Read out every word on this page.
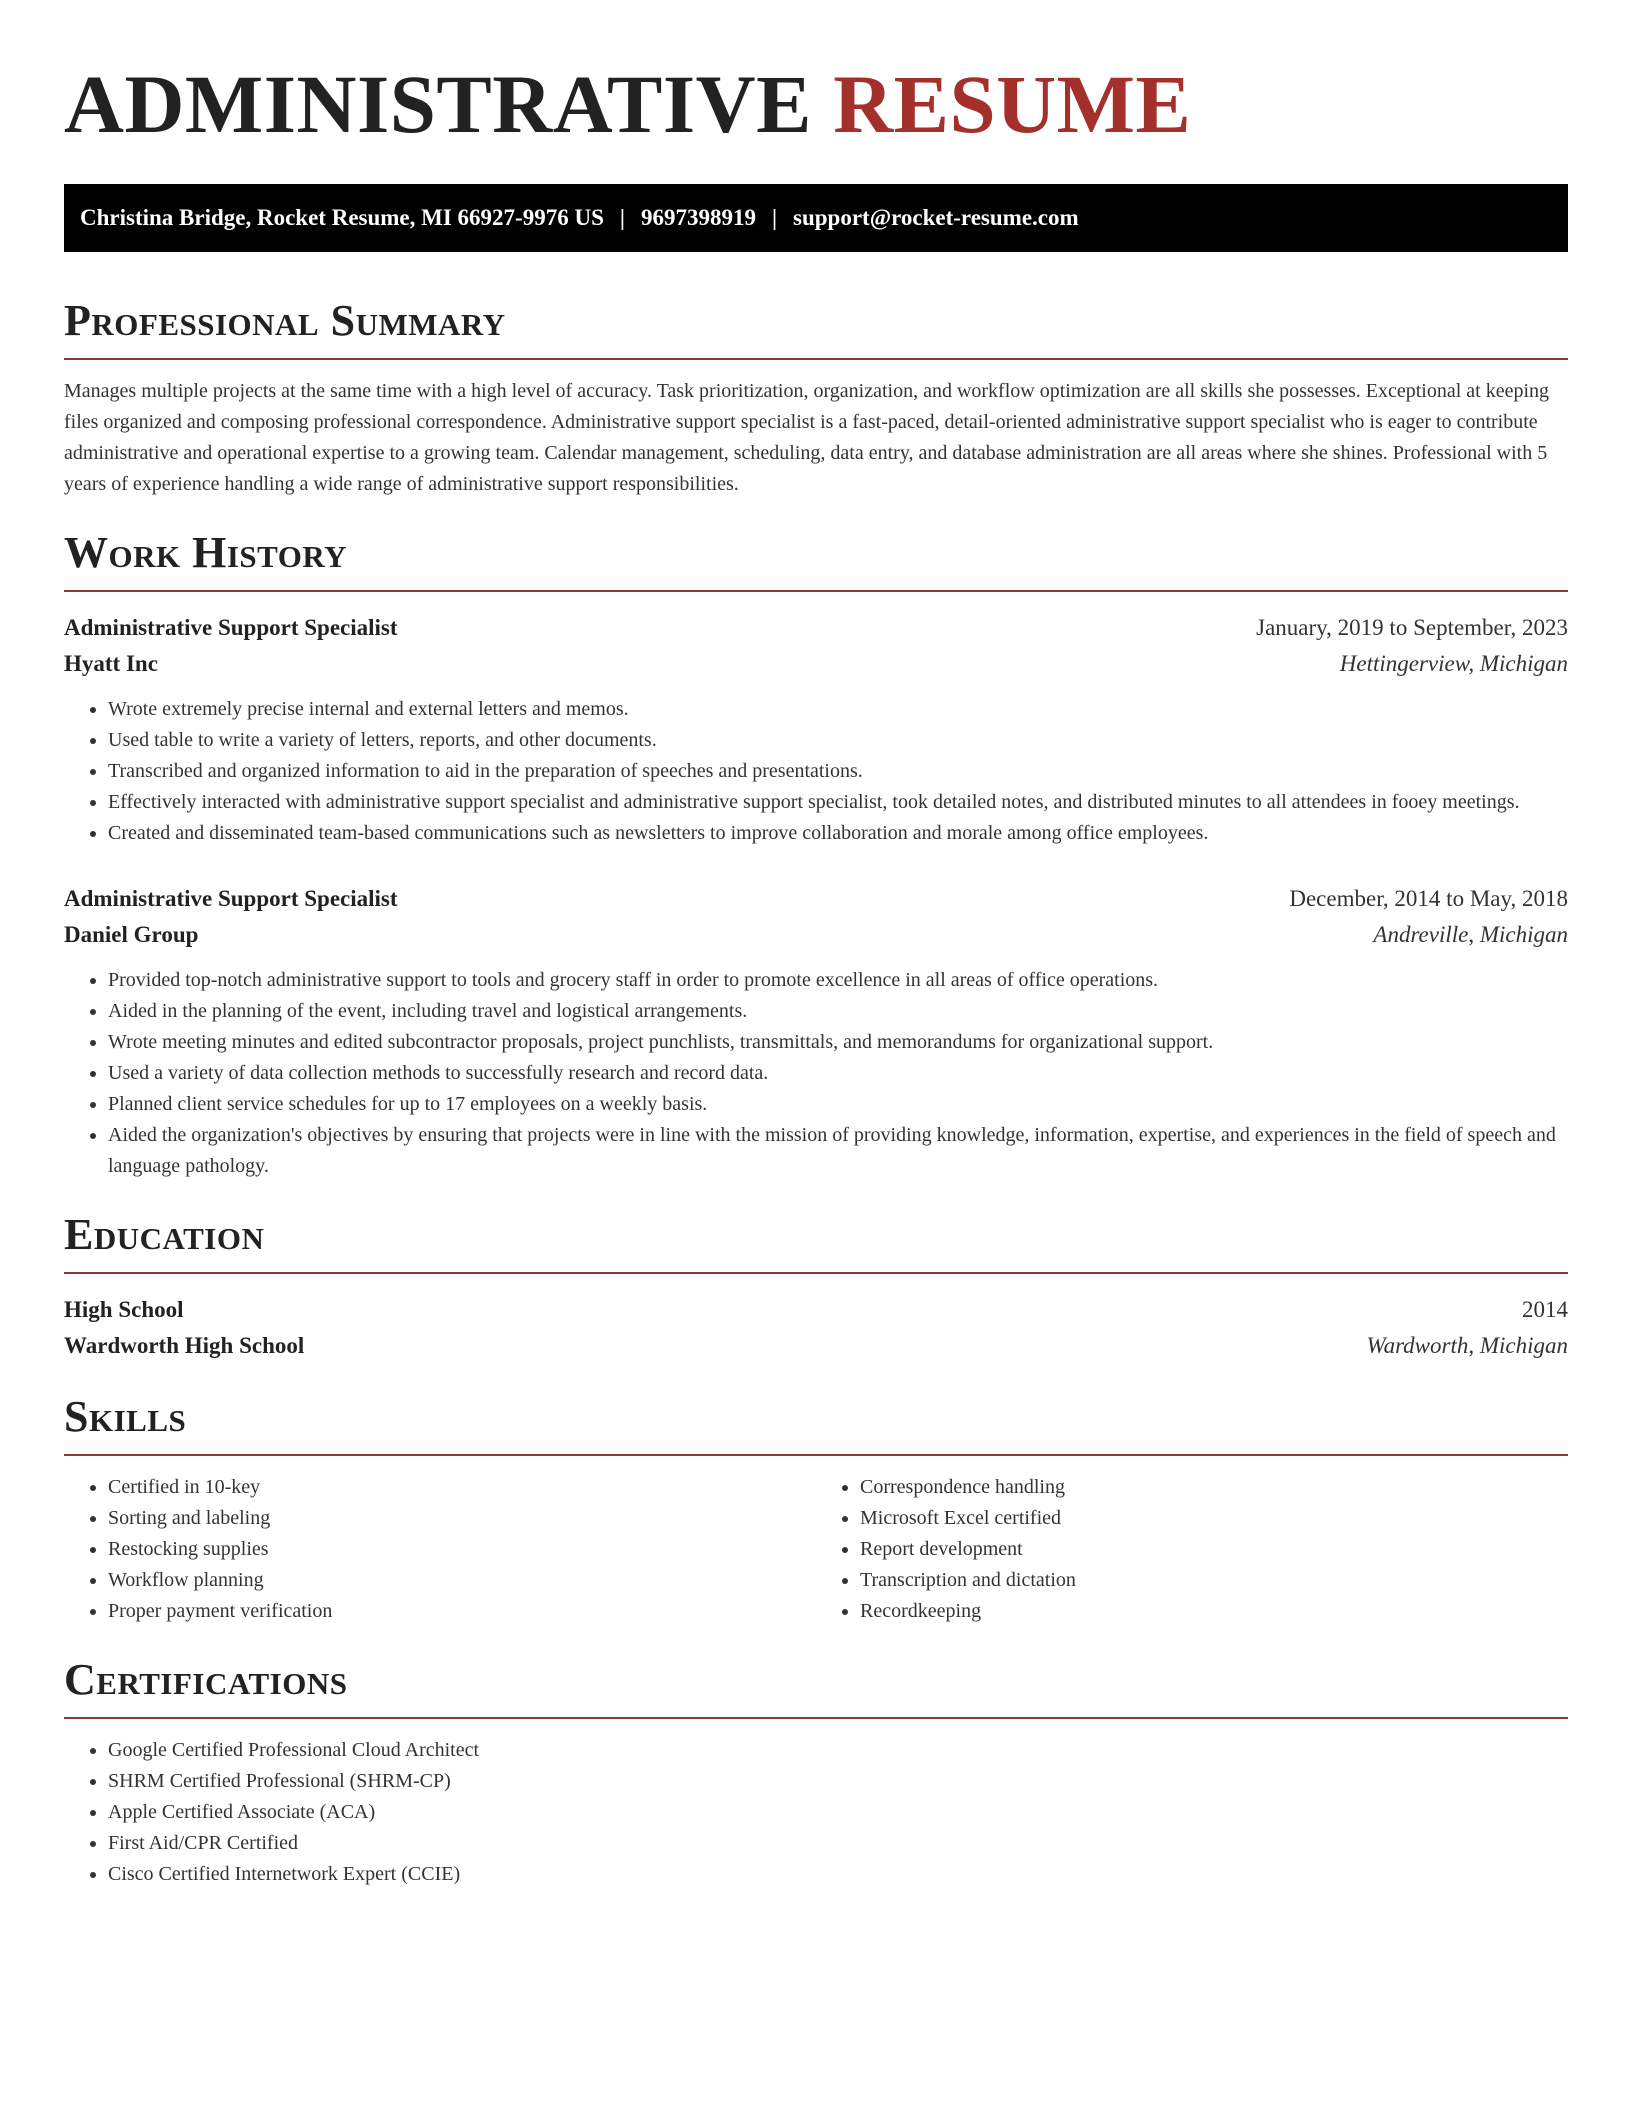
ADMINISTRATIVE RESUME
Christina Bridge, Rocket Resume, MI 66927-9976 US | 9697398919 | support@rocket-resume.com
Professional Summary

Manages multiple projects at the same time with a high level of accuracy. Task prioritization, organization, and workflow optimization are all skills she possesses. Exceptional at keeping files organized and composing professional correspondence. Administrative support specialist is a fast-paced, detail-oriented administrative support specialist who is eager to contribute administrative and operational expertise to a growing team. Calendar management, scheduling, data entry, and database administration are all areas where she shines. Professional with 5 years of experience handling a wide range of administrative support responsibilities.

Work History
Administrative Support Specialist	January, 2019 to September, 2023
Hyatt Inc	Hettingerview, Michigan
• Wrote extremely precise internal and external letters and memos.
• Used table to write a variety of letters, reports, and other documents.
• Transcribed and organized information to aid in the preparation of speeches and presentations.
• Effectively interacted with administrative support specialist and administrative support specialist, took detailed notes, and distributed minutes to all attendees in fooey meetings.
• Created and disseminated team-based communications such as newsletters to improve collaboration and morale among office employees.
Administrative Support Specialist	December, 2014 to May, 2018
Daniel Group	Andreville, Michigan
• Provided top-notch administrative support to tools and grocery staff in order to promote excellence in all areas of office operations.
• Aided in the planning of the event, including travel and logistical arrangements.
• Wrote meeting minutes and edited subcontractor proposals, project punchlists, transmittals, and memorandums for organizational support.
• Used a variety of data collection methods to successfully research and record data.
• Planned client service schedules for up to 17 employees on a weekly basis.
• Aided the organization's objectives by ensuring that projects were in line with the mission of providing knowledge, information, expertise, and experiences in the field of speech and language pathology.
Education
High School	2014
Wardworth High School	Wardworth, Michigan
Skills
• Certified in 10-key
• Sorting and labeling
• Restocking supplies
• Workflow planning
• Proper payment verification
• Correspondence handling
• Microsoft Excel certified
• Report development
• Transcription and dictation
• Recordkeeping
Certifications
• Google Certified Professional Cloud Architect
• SHRM Certified Professional (SHRM-CP)
• Apple Certified Associate (ACA)
• First Aid/CPR Certified
• Cisco Certified Internetwork Expert (CCIE)
